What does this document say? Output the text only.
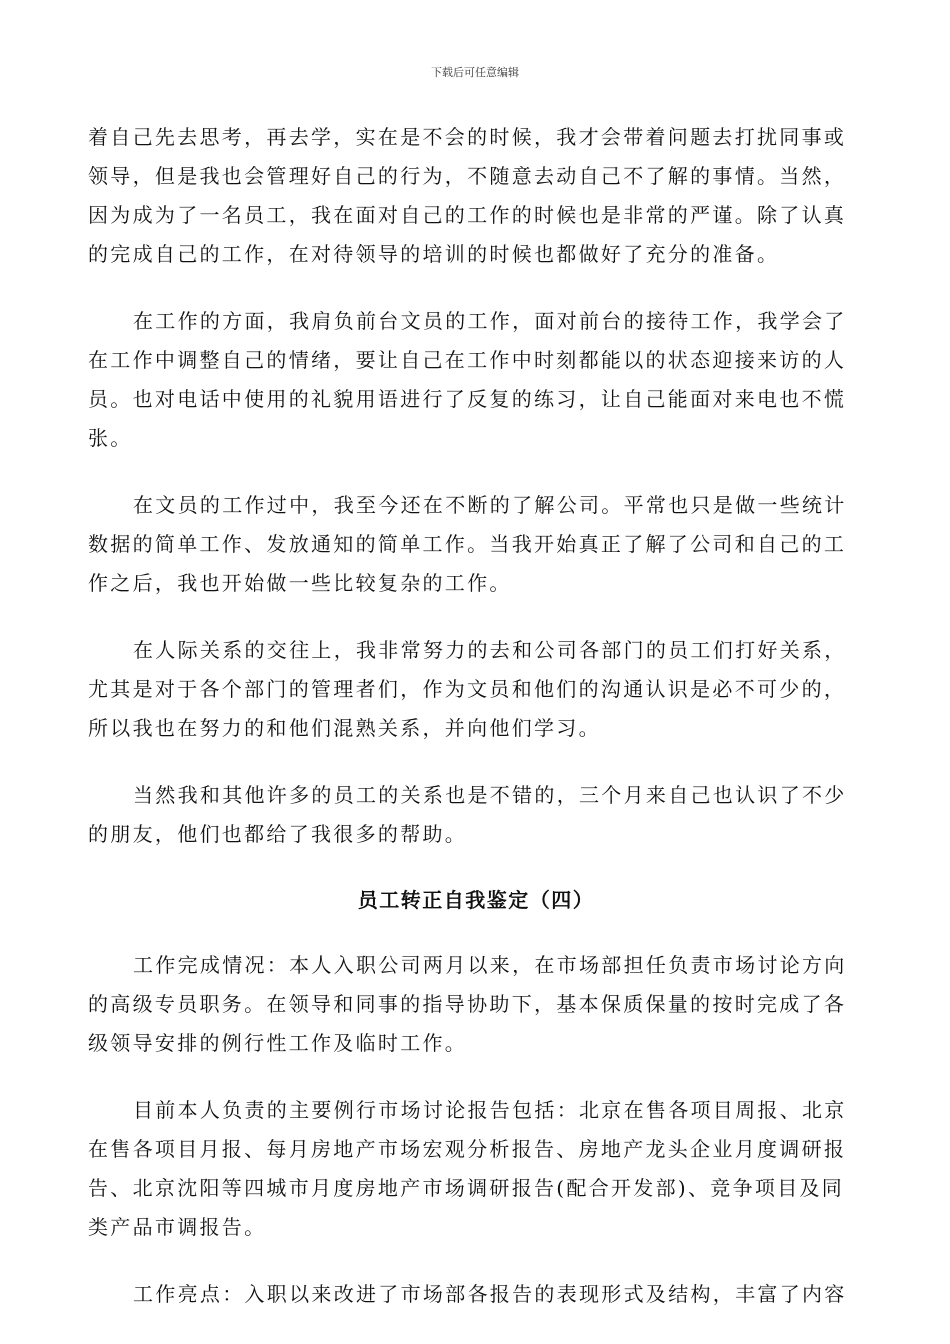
下载后可任意编辑

着自己先去思考，再去学，实在是不会的时候，我才会带着问题去打扰同事或
领导，但是我也会管理好自己的行为，不随意去动自己不了解的事情。当然，
因为成为了一名员工，我在面对自己的工作的时候也是非常的严谨。除了认真
的完成自己的工作，在对待领导的培训的时候也都做好了充分的准备。

在工作的方面，我肩负前台文员的工作，面对前台的接待工作，我学会了
在工作中调整自己的情绪，要让自己在工作中时刻都能以的状态迎接来访的人
员。也对电话中使用的礼貌用语进行了反复的练习，让自己能面对来电也不慌
张。

在文员的工作过中，我至今还在不断的了解公司。平常也只是做一些统计
数据的简单工作、发放通知的简单工作。当我开始真正了解了公司和自己的工
作之后，我也开始做一些比较复杂的工作。

在人际关系的交往上，我非常努力的去和公司各部门的员工们打好关系，
尤其是对于各个部门的管理者们，作为文员和他们的沟通认识是必不可少的，
所以我也在努力的和他们混熟关系，并向他们学习。

当然我和其他许多的员工的关系也是不错的，三个月来自己也认识了不少
的朋友，他们也都给了我很多的帮助。

员工转正自我鉴定（四）

工作完成情况：本人入职公司两月以来，在市场部担任负责市场讨论方向
的高级专员职务。在领导和同事的指导协助下，基本保质保量的按时完成了各
级领导安排的例行性工作及临时工作。

目前本人负责的主要例行市场讨论报告包括：北京在售各项目周报、北京
在售各项目月报、每月房地产市场宏观分析报告、房地产龙头企业月度调研报
告、北京沈阳等四城市月度房地产市场调研报告(配合开发部)、竞争项目及同
类产品市调报告。

工作亮点：入职以来改进了市场部各报告的表现形式及结构，丰富了内容
